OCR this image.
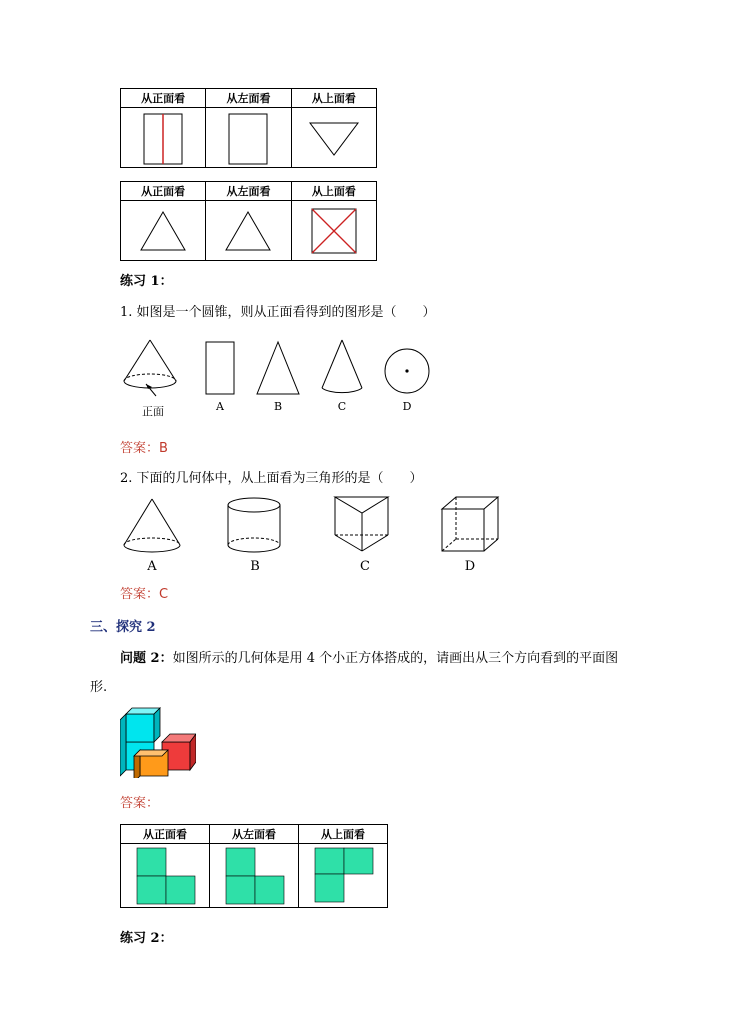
从正面看	从左面看	从上面看

从正面看	从左面看	从上面看

练习 1：
1. 如图是一个圆锥，则从正面看得到的图形是（　　）
正面	A	B	C	D
答案：B
2. 下面的几何体中，从上面看为三角形的是（　　）
A	B	C	D
答案：C
三、探究 2
问题 2：如图所示的几何体是用 4 个小正方体搭成的，请画出从三个方向看到的平面图
形.
答案：
从正面看	从左面看	从上面看

练习 2：
